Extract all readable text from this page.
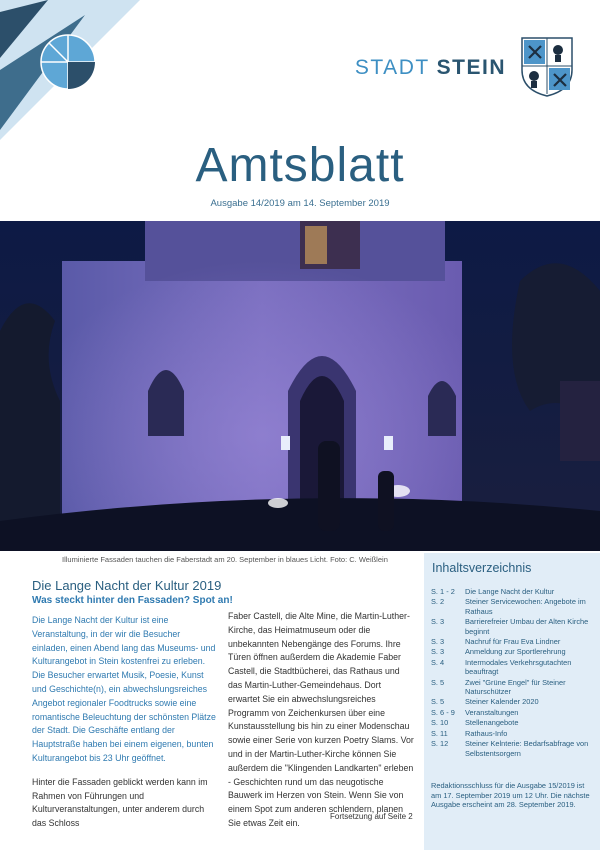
STADT STEIN
Amtsblatt
Ausgabe 14/2019 am 14. September 2019
Illuminierte Fassaden tauchen die Faberstadt am 20. September in blaues Licht. Foto: C. Weißlein
Die Lange Nacht der Kultur 2019
Was steckt hinter den Fassaden? Spot an!

Die Lange Nacht der Kultur ist eine Veranstaltung, in der wir die Besucher einladen, einen Abend lang das Museums- und Kulturangebot in Stein kostenfrei zu erleben. Die Besucher erwartet Musik, Poesie, Kunst und Geschichte(n), ein abwechslungsreiches Angebot regionaler Foodtrucks sowie eine romantische Beleuchtung der schönsten Plätze der Stadt. Die Geschäfte entlang der Hauptstraße haben bei einem eigenen, bunten Kulturangebot bis 23 Uhr geöffnet.

Hinter die Fassaden geblickt werden kann im Rahmen von Führungen und Kulturveranstaltungen, unter anderem durch das Schloss

Faber Castell, die Alte Mine, die Martin-Luther-Kirche, das Heimatmuseum oder die unbekannten Nebengänge des Forums. Ihre Türen öffnen außerdem die Akademie Faber Castell, die Stadtbücherei, das Rathaus und das Martin-Luther-Gemeindehaus. Dort erwartet Sie ein abwechslungsreiches Programm von Zeichenkursen über eine Kunstausstellung bis hin zu einer Modenschau sowie einer Serie von kurzen Poetry Slams. Vor und in der Martin-Luther-Kirche können Sie außerdem die "Klingenden Landkarten" erleben - Geschichten rund um das neugotische Bauwerk im Herzen von Stein. Wenn Sie von einem Spot zum anderen schlendern, planen Sie etwas Zeit ein.

Fortsetzung auf Seite 2
Inhaltsverzeichnis
S. 1 - 2	Die Lange Nacht der Kultur
S. 2	Steiner Servicewochen: Angebote im Rathaus
S. 3	Barrierefreier Umbau der Alten Kirche beginnt
S. 3	Nachruf für Frau Eva Lindner
S. 3	Anmeldung zur Sportlerehrung
S. 4	Intermodales Verkehrsgutachten beauftragt
S. 5	Zwei "Grüne Engel" für Steiner Naturschützer
S. 5	Steiner Kalender 2020
S. 6 - 9	Veranstaltungen
S. 10	Stellenangebote
S. 11	Rathaus-Info
S. 12	Steiner Kelnterie: Bedarfsabfrage von Selbstentsorgern
Redaktionsschluss für die Ausgabe 15/2019 ist am 17. September 2019 um 12 Uhr. Die nächste Ausgabe erscheint am 28. September 2019.
